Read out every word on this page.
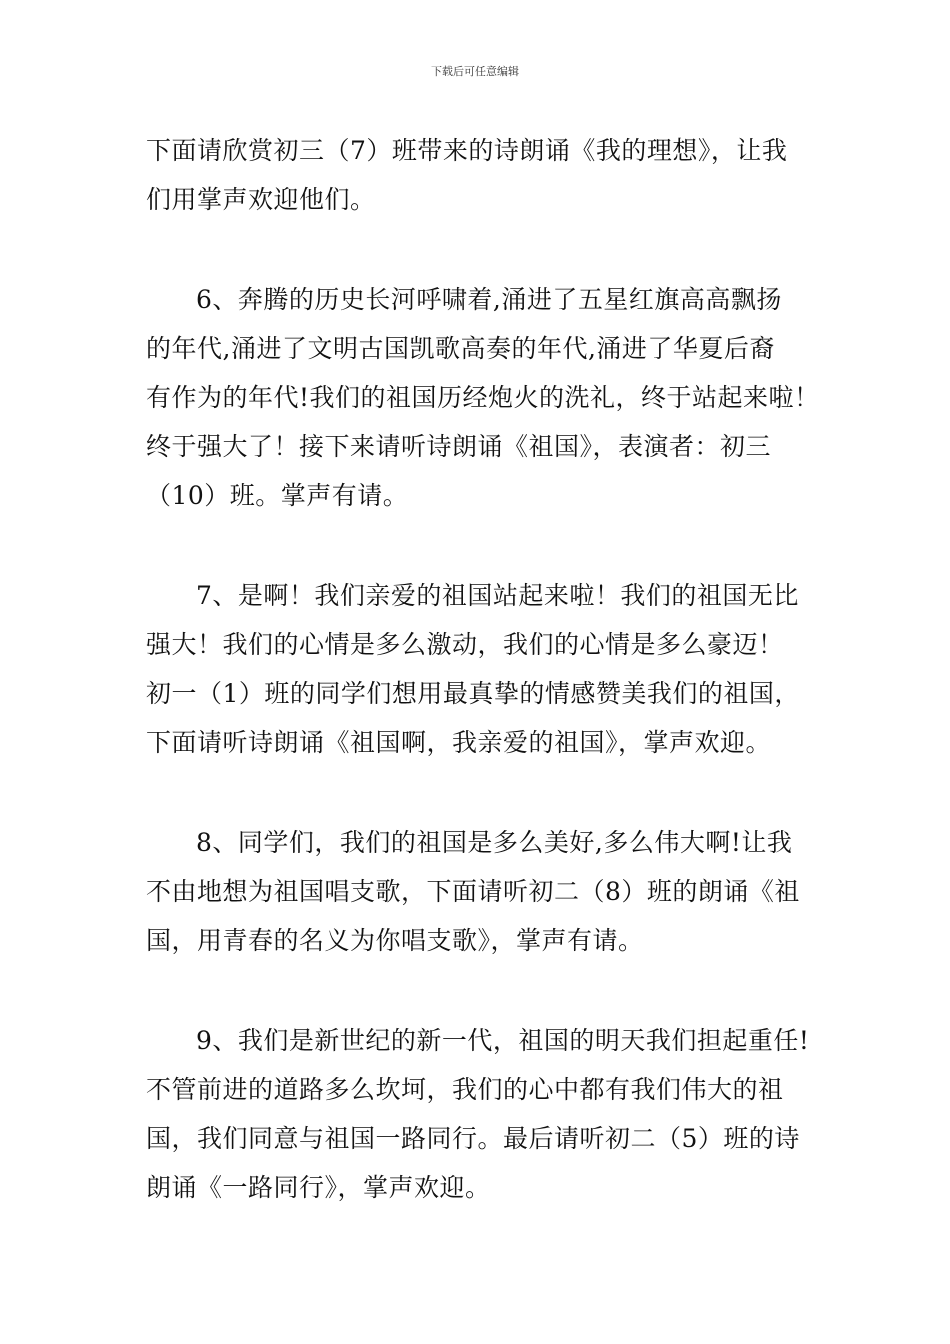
下载后可任意编辑
下面请欣赏初三（7）班带来的诗朗诵《我的理想》，让我
们用掌声欢迎他们。
6、奔腾的历史长河呼啸着,涌进了五星红旗高高飘扬
的年代,涌进了文明古国凯歌高奏的年代,涌进了华夏后裔
有作为的年代!我们的祖国历经炮火的洗礼，终于站起来啦！
终于强大了！接下来请听诗朗诵《祖国》，表演者：初三
（10）班。掌声有请。
7、是啊！我们亲爱的祖国站起来啦！我们的祖国无比
强大！我们的心情是多么激动，我们的心情是多么豪迈！
初一（1）班的同学们想用最真挚的情感赞美我们的祖国，
下面请听诗朗诵《祖国啊，我亲爱的祖国》，掌声欢迎。
8、同学们，我们的祖国是多么美好,多么伟大啊!让我
不由地想为祖国唱支歌，下面请听初二（8）班的朗诵《祖
国，用青春的名义为你唱支歌》，掌声有请。
9、我们是新世纪的新一代，祖国的明天我们担起重任!
不管前进的道路多么坎坷，我们的心中都有我们伟大的祖
国，我们同意与祖国一路同行。最后请听初二（5）班的诗
朗诵《一路同行》，掌声欢迎。
